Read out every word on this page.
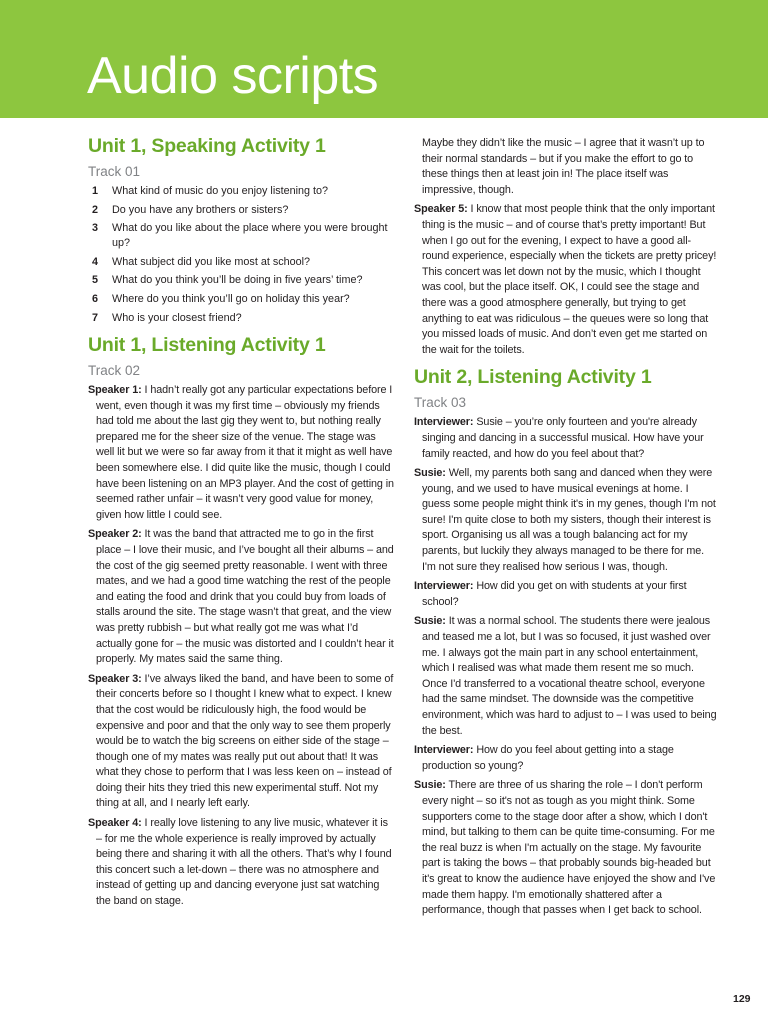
Audio scripts
Unit 1, Speaking Activity 1
Track 01
1 What kind of music do you enjoy listening to?
2 Do you have any brothers or sisters?
3 What do you like about the place where you were brought up?
4 What subject did you like most at school?
5 What do you think you’ll be doing in five years’ time?
6 Where do you think you’ll go on holiday this year?
7 Who is your closest friend?
Unit 1, Listening Activity 1
Track 02

Speaker 1: I hadn’t really got any particular expectations before I went, even though it was my first time – obviously my friends had told me about the last gig they went to, but nothing really prepared me for the sheer size of the venue. The stage was well lit but we were so far away from it that it might as well have been somewhere else. I did quite like the music, though I could have been listening on an MP3 player. And the cost of getting in seemed rather unfair – it wasn’t very good value for money, given how little I could see.

Speaker 2: It was the band that attracted me to go in the first place – I love their music, and I’ve bought all their albums – and the cost of the gig seemed pretty reasonable. I went with three mates, and we had a good time watching the rest of the people and eating the food and drink that you could buy from loads of stalls around the site. The stage wasn’t that great, and the view was pretty rubbish – but what really got me was what I’d actually gone for – the music was distorted and I couldn’t hear it properly. My mates said the same thing.

Speaker 3: I’ve always liked the band, and have been to some of their concerts before so I thought I knew what to expect. I knew that the cost would be ridiculously high, the food would be expensive and poor and that the only way to see them properly would be to watch the big screens on either side of the stage – though one of my mates was really put out about that! It was what they chose to perform that I was less keen on – instead of doing their hits they tried this new experimental stuff. Not my thing at all, and I nearly left early.

Speaker 4: I really love listening to any live music, whatever it is – for me the whole experience is really improved by actually being there and sharing it with all the others. That’s why I found this concert such a let-down – there was no atmosphere and instead of getting up and dancing everyone just sat watching the band on stage.

Maybe they didn’t like the music – I agree that it wasn’t up to their normal standards – but if you make the effort to go to these things then at least join in! The place itself was impressive, though.

Speaker 5: I know that most people think that the only important thing is the music – and of course that’s pretty important! But when I go out for the evening, I expect to have a good all-round experience, especially when the tickets are pretty pricey! This concert was let down not by the music, which I thought was cool, but the place itself. OK, I could see the stage and there was a good atmosphere generally, but trying to get anything to eat was ridiculous – the queues were so long that you missed loads of music. And don’t even get me started on the wait for the toilets.

Unit 2, Listening Activity 1
Track 03

Interviewer: Susie – you’re only fourteen and you're already singing and dancing in a successful musical. How have your family reacted, and how do you feel about that?

Susie: Well, my parents both sang and danced when they were young, and we used to have musical evenings at home. I guess some people might think it's in my genes, though I'm not sure! I'm quite close to both my sisters, though their interest is sport. Organising us all was a tough balancing act for my parents, but luckily they always managed to be there for me. I'm not sure they realised how serious I was, though.

Interviewer: How did you get on with students at your first school?

Susie: It was a normal school. The students there were jealous and teased me a lot, but I was so focused, it just washed over me. I always got the main part in any school entertainment, which I realised was what made them resent me so much. Once I'd transferred to a vocational theatre school, everyone had the same mindset. The downside was the competitive environment, which was hard to adjust to – I was used to being the best.

Interviewer: How do you feel about getting into a stage production so young?

Susie: There are three of us sharing the role – I don't perform every night – so it's not as tough as you might think. Some supporters come to the stage door after a show, which I don't mind, but talking to them can be quite time-consuming. For me the real buzz is when I'm actually on the stage. My favourite part is taking the bows – that probably sounds big-headed but it's great to know the audience have enjoyed the show and I've made them happy. I'm emotionally shattered after a performance, though that passes when I get back to school.

129
